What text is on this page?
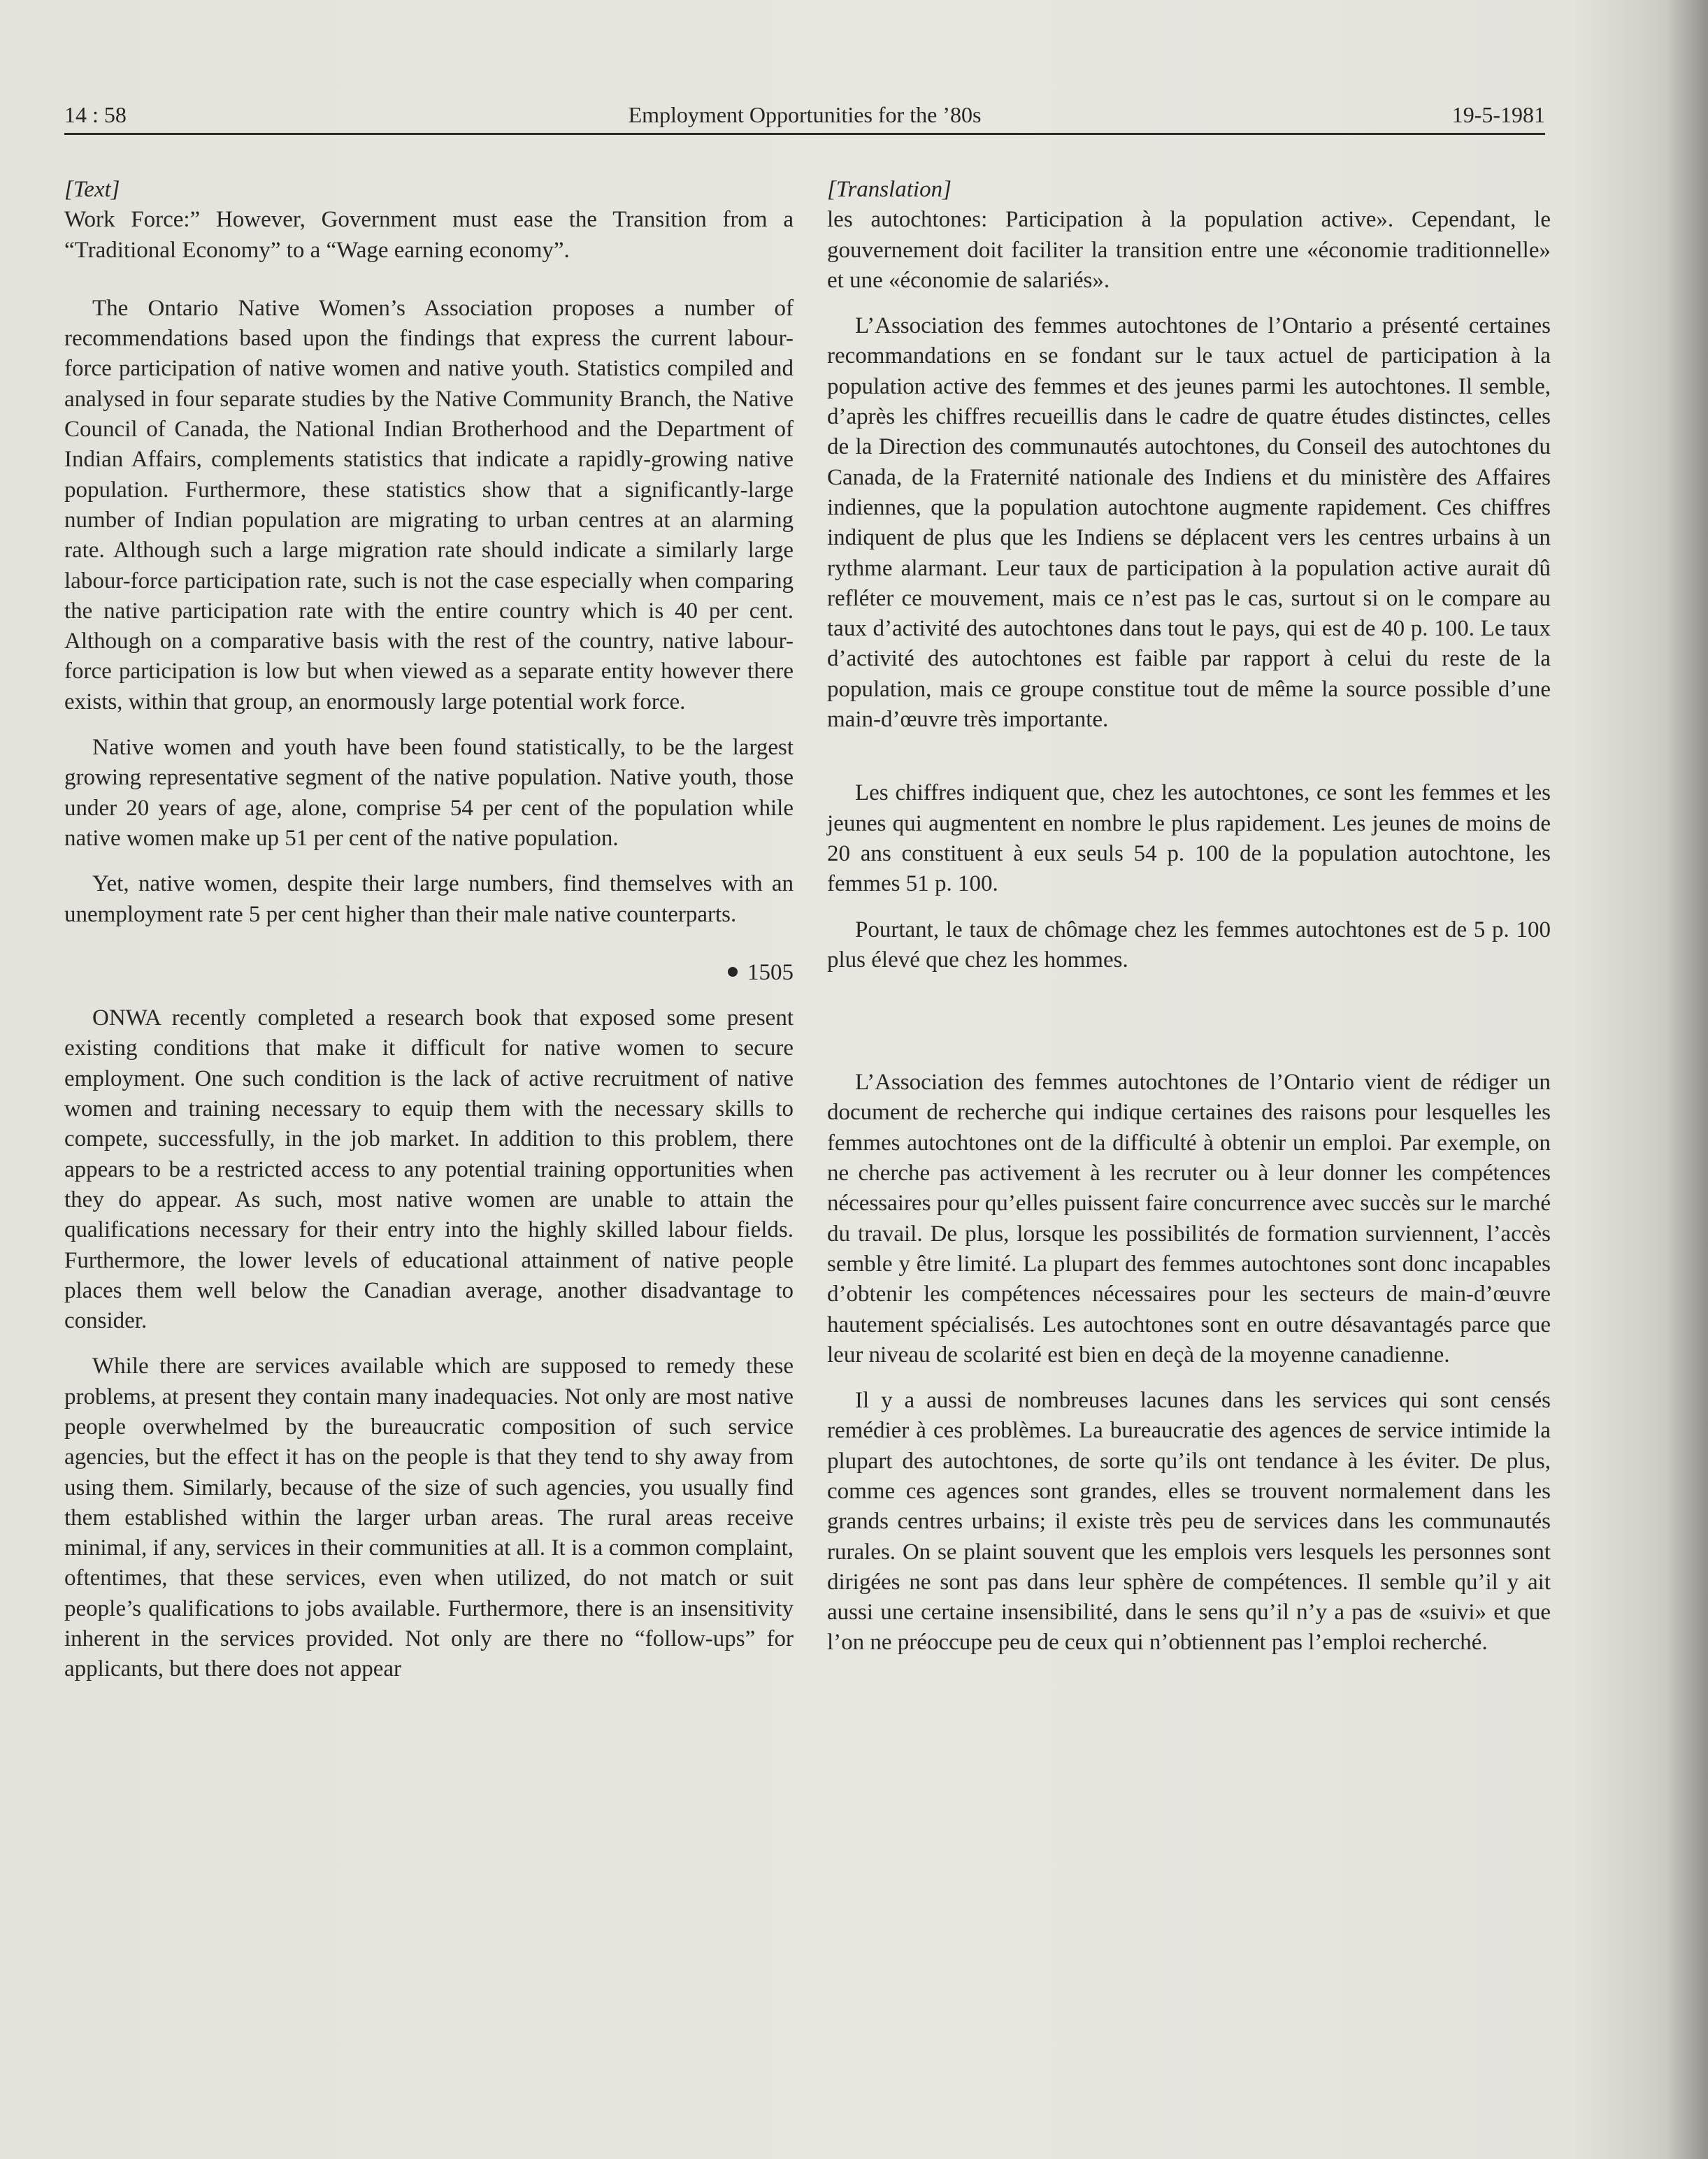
14 : 58	Employment Opportunities for the ’80s	19-5-1981

[Text]

Work Force:” However, Government must ease the Transition from a “Traditional Economy” to a “Wage earning economy”.

The Ontario Native Women’s Association proposes a number of recommendations based upon the findings that express the current labour-force participation of native women and native youth. Statistics compiled and analysed in four separate studies by the Native Community Branch, the Native Council of Canada, the National Indian Brotherhood and the Department of Indian Affairs, complements statistics that indicate a rapidly-growing native population. Furthermore, these statistics show that a significantly-large number of Indian population are migrating to urban centres at an alarming rate. Although such a large migration rate should indicate a similarly large labour-force participation rate, such is not the case especially when comparing the native participation rate with the entire country which is 40 per cent. Although on a comparative basis with the rest of the country, native labour-force participation is low but when viewed as a separate entity however there exists, within that group, an enormously large potential work force.

Native women and youth have been found statistically, to be the largest growing representative segment of the native population. Native youth, those under 20 years of age, alone, comprise 54 per cent of the population while native women make up 51 per cent of the native population.

Yet, native women, despite their large numbers, find themselves with an unemployment rate 5 per cent higher than their male native counterparts.

1505

ONWA recently completed a research book that exposed some present existing conditions that make it difficult for native women to secure employment. One such condition is the lack of active recruitment of native women and training necessary to equip them with the necessary skills to compete, successfully, in the job market. In addition to this problem, there appears to be a restricted access to any potential training opportunities when they do appear. As such, most native women are unable to attain the qualifications necessary for their entry into the highly skilled labour fields. Furthermore, the lower levels of educational attainment of native people places them well below the Canadian average, another disadvantage to consider.

While there are services available which are supposed to remedy these problems, at present they contain many inadequacies. Not only are most native people overwhelmed by the bureaucratic composition of such service agencies, but the effect it has on the people is that they tend to shy away from using them. Similarly, because of the size of such agencies, you usually find them established within the larger urban areas. The rural areas receive minimal, if any, services in their communities at all. It is a common complaint, oftentimes, that these services, even when utilized, do not match or suit people’s qualifications to jobs available. Furthermore, there is an insensitivity inherent in the services provided. Not only are there no “follow-ups” for applicants, but there does not appear

[Translation]

les autochtones: Participation à la population active». Cependant, le gouvernement doit faciliter la transition entre une «économie traditionnelle» et une «économie de salariés».

L’Association des femmes autochtones de l’Ontario a présenté certaines recommandations en se fondant sur le taux actuel de participation à la population active des femmes et des jeunes parmi les autochtones. Il semble, d’après les chiffres recueillis dans le cadre de quatre études distinctes, celles de la Direction des communautés autochtones, du Conseil des autochtones du Canada, de la Fraternité nationale des Indiens et du ministère des Affaires indiennes, que la population autochtone augmente rapidement. Ces chiffres indiquent de plus que les Indiens se déplacent vers les centres urbains à un rythme alarmant. Leur taux de participation à la population active aurait dû refléter ce mouvement, mais ce n’est pas le cas, surtout si on le compare au taux d’activité des autochtones dans tout le pays, qui est de 40 p. 100. Le taux d’activité des autochtones est faible par rapport à celui du reste de la population, mais ce groupe constitue tout de même la source possible d’une main-d’œuvre très importante.

Les chiffres indiquent que, chez les autochtones, ce sont les femmes et les jeunes qui augmentent en nombre le plus rapidement. Les jeunes de moins de 20 ans constituent à eux seuls 54 p. 100 de la population autochtone, les femmes 51 p. 100.

Pourtant, le taux de chômage chez les femmes autochtones est de 5 p. 100 plus élevé que chez les hommes.

L’Association des femmes autochtones de l’Ontario vient de rédiger un document de recherche qui indique certaines des raisons pour lesquelles les femmes autochtones ont de la difficulté à obtenir un emploi. Par exemple, on ne cherche pas activement à les recruter ou à leur donner les compétences nécessaires pour qu’elles puissent faire concurrence avec succès sur le marché du travail. De plus, lorsque les possibilités de formation surviennent, l’accès semble y être limité. La plupart des femmes autochtones sont donc incapables d’obtenir les compétences nécessaires pour les secteurs de main-d’œuvre hautement spécialisés. Les autochtones sont en outre désavantagés parce que leur niveau de scolarité est bien en deçà de la moyenne canadienne.

Il y a aussi de nombreuses lacunes dans les services qui sont censés remédier à ces problèmes. La bureaucratie des agences de service intimide la plupart des autochtones, de sorte qu’ils ont tendance à les éviter. De plus, comme ces agences sont grandes, elles se trouvent normalement dans les grands centres urbains; il existe très peu de services dans les communautés rurales. On se plaint souvent que les emplois vers lesquels les personnes sont dirigées ne sont pas dans leur sphère de compétences. Il semble qu’il y ait aussi une certaine insensibilité, dans le sens qu’il n’y a pas de «suivi» et que l’on ne préoccupe peu de ceux qui n’obtiennent pas l’emploi recherché.
